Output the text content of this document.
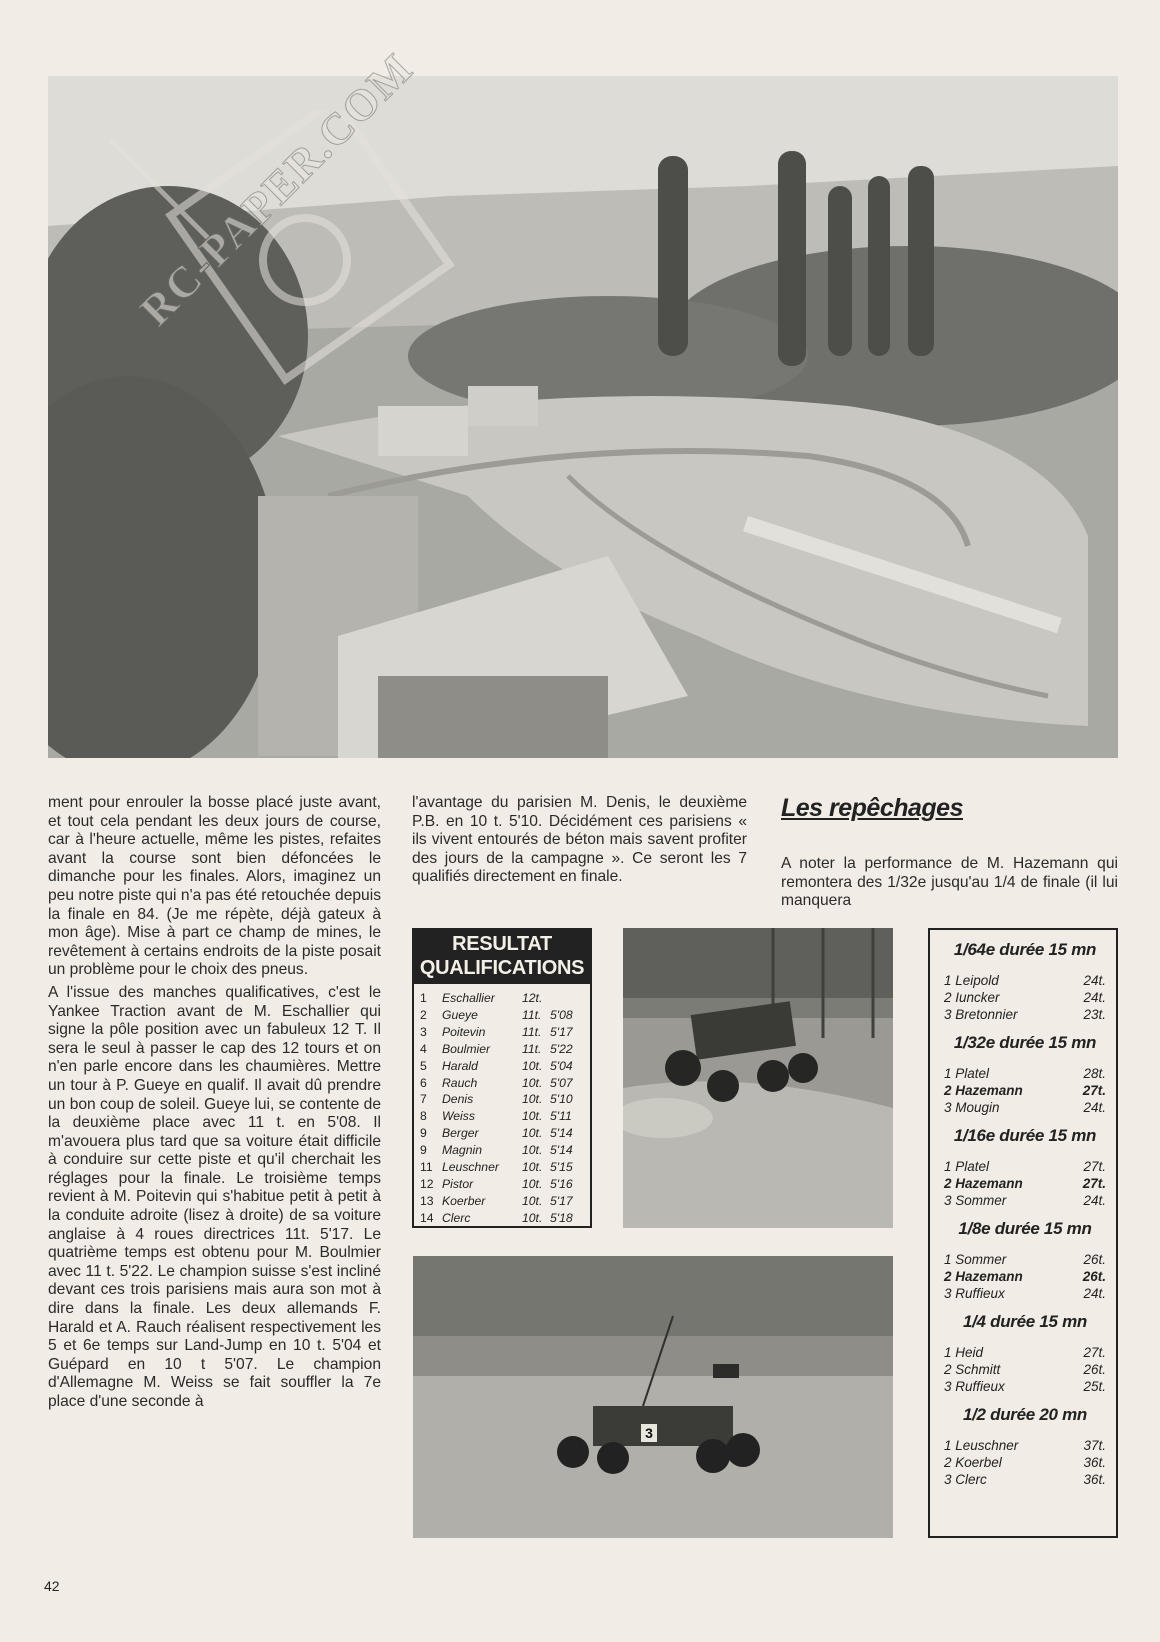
RC-PAPER.COM

ment pour enrouler la bosse placé juste avant, et tout cela pendant les deux jours de course, car à l'heure actuelle, même les pistes, refaites avant la course sont bien défoncées le dimanche pour les finales. Alors, imaginez un peu notre piste qui n'a pas été retouchée depuis la finale en 84. (Je me répète, déjà gateux à mon âge). Mise à part ce champ de mines, le revêtement à certains endroits de la piste posait un problème pour le choix des pneus.

A l'issue des manches qualificatives, c'est le Yankee Traction avant de M. Eschallier qui signe la pôle position avec un fabuleux 12 T. Il sera le seul à passer le cap des 12 tours et on n'en parle encore dans les chaumières. Mettre un tour à P. Gueye en qualif. Il avait dû prendre un bon coup de soleil. Gueye lui, se contente de la deuxième place avec 11 t. en 5'08. Il m'avouera plus tard que sa voiture était difficile à conduire sur cette piste et qu'il cherchait les réglages pour la finale. Le troisième temps revient à M. Poitevin qui s'habitue petit à petit à la conduite adroite (lisez à droite) de sa voiture anglaise à 4 roues directrices 11t. 5'17. Le quatrième temps est obtenu pour M. Boulmier avec 11 t. 5'22. Le champion suisse s'est incliné devant ces trois parisiens mais aura son mot à dire dans la finale. Les deux allemands F. Harald et A. Rauch réalisent respectivement les 5 et 6e temps sur Land-Jump en 10 t. 5'04 et Guépard en 10 t 5'07. Le champion d'Allemagne M. Weiss se fait souffler la 7e place d'une seconde à

l'avantage du parisien M. Denis, le deuxième P.B. en 10 t. 5'10. Décidément ces parisiens « ils vivent entourés de béton mais savent profiter des jours de la campagne ». Ce seront les 7 qualifiés directement en finale.

Les repêchages

A noter la performance de M. Hazemann qui remontera des 1/32e jusqu'au 1/4 de finale (il lui manquera

RESULTAT
QUALIFICATIONS
1	Eschallier	12t.
2	Gueye	11t. 5'08
3	Poitevin	11t. 5'17
4	Boulmier	11t. 5'22
5	Harald	10t. 5'04
6	Rauch	10t. 5'07
7	Denis	10t. 5'10
8	Weiss	10t. 5'11
9	Berger	10t. 5'14
9	Magnin	10t. 5'14
11 Leuschner	10t. 5'15
12 Pistor	10t. 5'16
13 Koerber	10t. 5'17
14 Clerc	10t. 5'18
3
1/64e durée 15 mn
1 Leipold	24t.
2 Iuncker	24t.
3 Bretonnier	23t.
1/32e durée 15 mn
1 Platel	28t.
2 Hazemann	27t.
3 Mougin	24t.
1/16e durée 15 mn
1 Platel	27t.
2 Hazemann	27t.
3 Sommer	24t.
1/8e durée 15 mn
1 Sommer	26t.
2 Hazemann	26t.
3 Ruffieux	24t.
1/4 durée 15 mn
1 Heid	27t.
2 Schmitt	26t.
3 Ruffieux	25t.
1/2 durée 20 mn
1 Leuschner	37t.
2 Koerbel	36t.
3 Clerc	36t.
42
